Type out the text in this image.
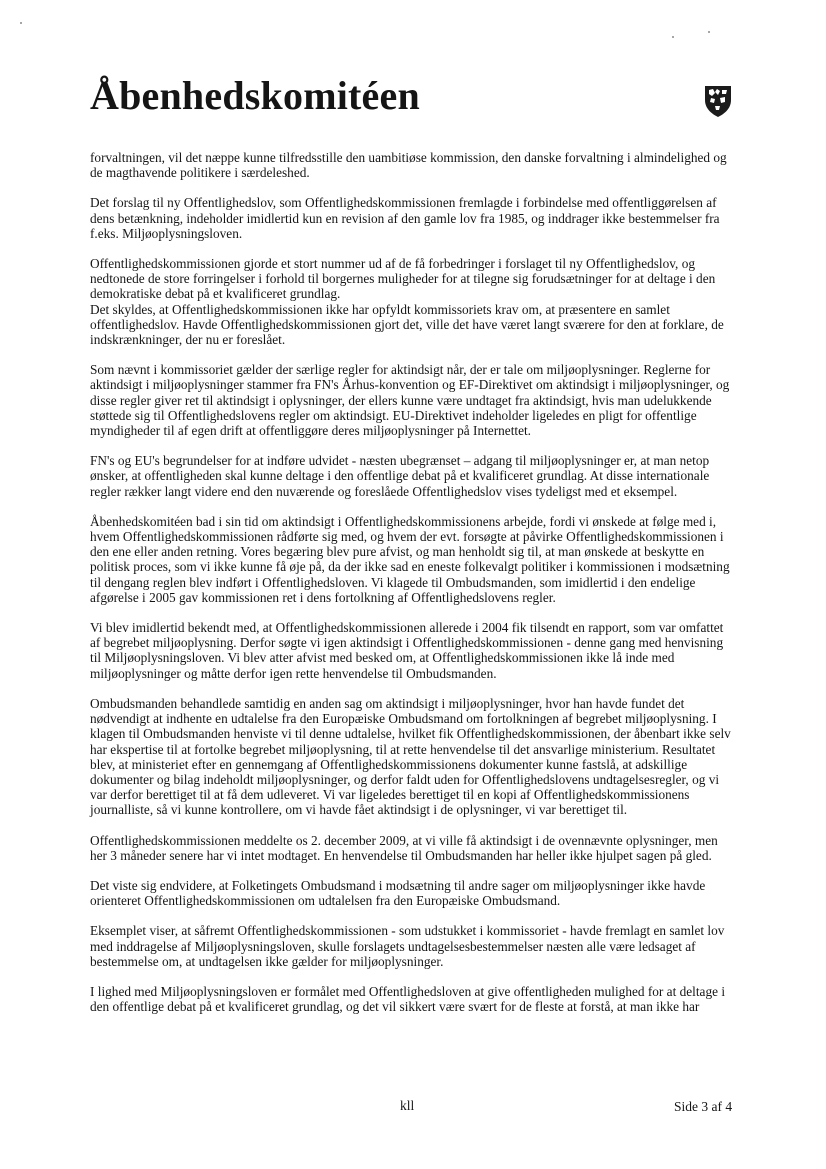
Åbenhedskomitéen

forvaltningen, vil det næppe kunne tilfredsstille den uambitiøse kommission, den danske forvaltning i almindelighed og
de magthavende politikere i særdeleshed.

Det forslag til ny Offentlighedslov, som Offentlighedskommissionen fremlagde i forbindelse med offentliggørelsen af
dens betænkning, indeholder imidlertid kun en revision af den gamle lov fra 1985, og inddrager ikke bestemmelser fra
f.eks. Miljøoplysningsloven.

Offentlighedskommissionen gjorde et stort nummer ud af de få forbedringer i forslaget til ny Offentlighedslov, og
nedtonede de store forringelser i forhold til borgernes muligheder for at tilegne sig forudsætninger for at deltage i den
demokratiske debat på et kvalificeret grundlag.
Det skyldes, at Offentlighedskommissionen ikke har opfyldt kommissoriets krav om, at præsentere en samlet
offentlighedslov. Havde Offentlighedskommissionen gjort det, ville det have været langt sværere for den at forklare, de
indskrænkninger, der nu er foreslået.

Som nævnt i kommissoriet gælder der særlige regler for aktindsigt når, der er tale om miljøoplysninger. Reglerne for
aktindsigt i miljøoplysninger stammer fra FN's Århus-konvention og EF-Direktivet om aktindsigt i miljøoplysninger, og
disse regler giver ret til aktindsigt i oplysninger, der ellers kunne være undtaget fra aktindsigt, hvis man udelukkende
støttede sig til Offentlighedslovens regler om aktindsigt. EU-Direktivet indeholder ligeledes en pligt for offentlige
myndigheder til af egen drift at offentliggøre deres miljøoplysninger på Internettet.

FN's og EU's begrundelser for at indføre udvidet - næsten ubegrænset – adgang til miljøoplysninger er, at man netop
ønsker, at offentligheden skal kunne deltage i den offentlige debat på et kvalificeret grundlag. At disse internationale
regler rækker langt videre end den nuværende og foreslåede Offentlighedslov vises tydeligst med et eksempel.

Åbenhedskomitéen bad i sin tid om aktindsigt i Offentlighedskommissionens arbejde, fordi vi ønskede at følge med i,
hvem Offentlighedskommissionen rådførte sig med, og hvem der evt. forsøgte at påvirke Offentlighedskommissionen i
den ene eller anden retning. Vores begæring blev pure afvist, og man henholdt sig til, at man ønskede at beskytte en
politisk proces, som vi ikke kunne få øje på, da der ikke sad en eneste folkevalgt politiker i kommissionen i modsætning
til dengang reglen blev indført i Offentlighedsloven. Vi klagede til Ombudsmanden, som imidlertid i den endelige
afgørelse i 2005 gav kommissionen ret i dens fortolkning af Offentlighedslovens regler.

Vi blev imidlertid bekendt med, at Offentlighedskommissionen allerede i 2004 fik tilsendt en rapport, som var omfattet
af begrebet miljøoplysning. Derfor søgte vi igen aktindsigt i Offentlighedskommissionen - denne gang med henvisning
til Miljøoplysningsloven. Vi blev atter afvist med besked om, at Offentlighedskommissionen ikke lå inde med
miljøoplysninger og måtte derfor igen rette henvendelse til Ombudsmanden.

Ombudsmanden behandlede samtidig en anden sag om aktindsigt i miljøoplysninger, hvor han havde fundet det
nødvendigt at indhente en udtalelse fra den Europæiske Ombudsmand om fortolkningen af begrebet miljøoplysning. I
klagen til Ombudsmanden henviste vi til denne udtalelse, hvilket fik Offentlighedskommissionen, der åbenbart ikke selv
har ekspertise til at fortolke begrebet miljøoplysning, til at rette henvendelse til det ansvarlige ministerium. Resultatet
blev, at ministeriet efter en gennemgang af Offentlighedskommissionens dokumenter kunne fastslå, at adskillige
dokumenter og bilag indeholdt miljøoplysninger, og derfor faldt uden for Offentlighedslovens undtagelsesregler, og vi
var derfor berettiget til at få dem udleveret. Vi var ligeledes berettiget til en kopi af Offentlighedskommissionens
journalliste, så vi kunne kontrollere, om vi havde fået aktindsigt i de oplysninger, vi var berettiget til.

Offentlighedskommissionen meddelte os 2. december 2009, at vi ville få aktindsigt i de ovennævnte oplysninger, men
her 3 måneder senere har vi intet modtaget. En henvendelse til Ombudsmanden har heller ikke hjulpet sagen på gled.

Det viste sig endvidere, at Folketingets Ombudsmand i modsætning til andre sager om miljøoplysninger ikke havde
orienteret Offentlighedskommissionen om udtalelsen fra den Europæiske Ombudsmand.

Eksemplet viser, at såfremt Offentlighedskommissionen - som udstukket i kommissoriet - havde fremlagt en samlet lov
med inddragelse af Miljøoplysningsloven, skulle forslagets undtagelsesbestemmelser næsten alle være ledsaget af
bestemmelse om, at undtagelsen ikke gælder for miljøoplysninger.

I lighed med Miljøoplysningsloven er formålet med Offentlighedsloven at give offentligheden mulighed for at deltage i
den offentlige debat på et kvalificeret grundlag, og det vil sikkert være svært for de fleste at forstå, at man ikke har

kll	Side 3 af 4
